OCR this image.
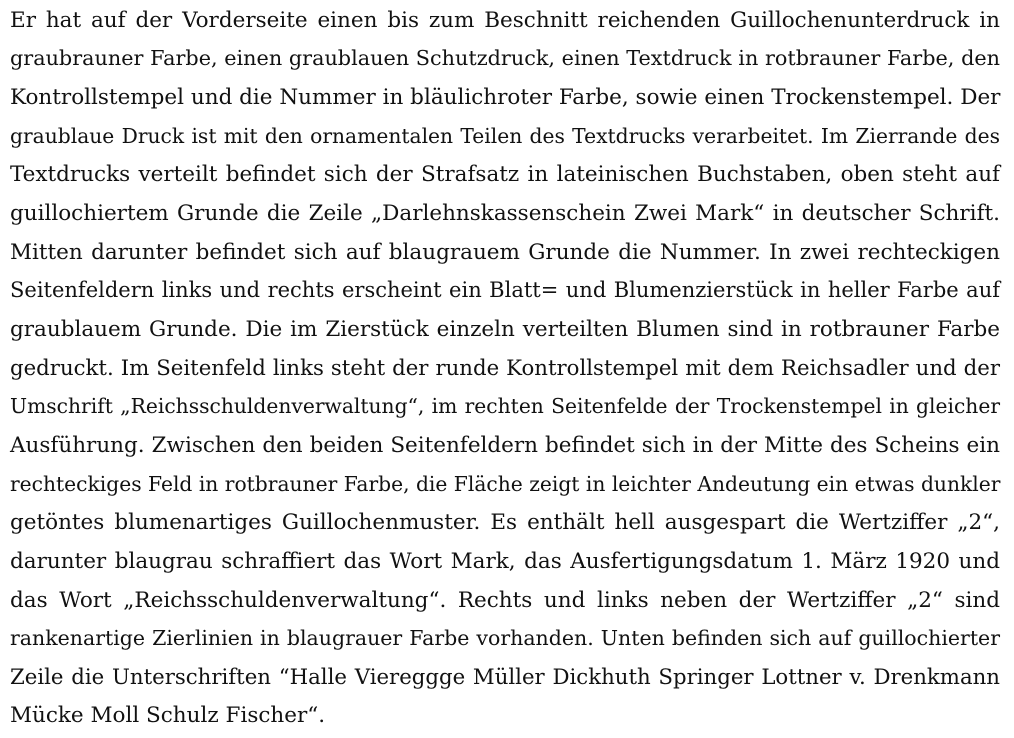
Er hat auf der Vorderseite einen bis zum Beschnitt reichenden Guillochenunterdruck in
graubrauner Farbe, einen graublauen Schutzdruck, einen Textdruck in rotbrauner Farbe, den
Kontrollstempel und die Nummer in bläulichroter Farbe, sowie einen Trockenstempel. Der
graublaue Druck ist mit den ornamentalen Teilen des Textdrucks verarbeitet. Im Zierrande des
Textdrucks verteilt befindet sich der Strafsatz in lateinischen Buchstaben, oben steht auf
guillochiertem Grunde die Zeile „Darlehnskassenschein Zwei Mark“ in deutscher Schrift.
Mitten darunter befindet sich auf blaugrauem Grunde die Nummer. In zwei rechteckigen
Seitenfeldern links und rechts erscheint ein Blatt= und Blumenzierstück in heller Farbe auf
graublauem Grunde. Die im Zierstück einzeln verteilten Blumen sind in rotbrauner Farbe
gedruckt. Im Seitenfeld links steht der runde Kontrollstempel mit dem Reichsadler und der
Umschrift „Reichsschuldenverwaltung“, im rechten Seitenfelde der Trockenstempel in gleicher
Ausführung. Zwischen den beiden Seitenfeldern befindet sich in der Mitte des Scheins ein
rechteckiges Feld in rotbrauner Farbe, die Fläche zeigt in leichter Andeutung ein etwas dunkler
getöntes blumenartiges Guillochenmuster. Es enthält hell ausgespart die Wertziffer „2“,
darunter blaugrau schraffiert das Wort Mark, das Ausfertigungsdatum 1. März 1920 und
das Wort „Reichsschuldenverwaltung“. Rechts und links neben der Wertziffer „2“ sind
rankenartige Zierlinien in blaugrauer Farbe vorhanden. Unten befinden sich auf guillochierter
Zeile die Unterschriften “Halle Viereggge Müller Dickhuth Springer Lottner v. Drenkmann
Mücke Moll Schulz Fischer“.
